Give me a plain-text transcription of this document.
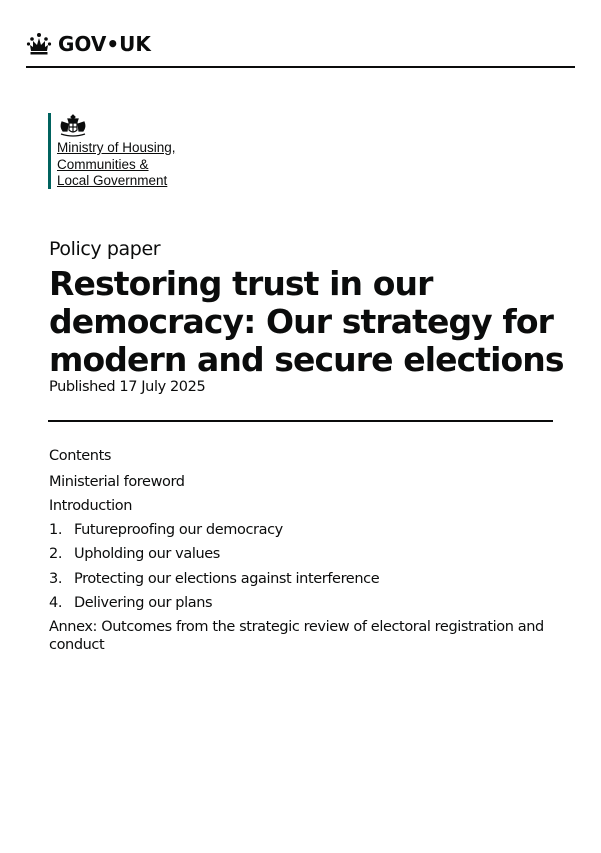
GOV•UK
Ministry of Housing,
Communities &
Local Government
Policy paper
Restoring trust in our democracy: Our strategy for modern and secure elections
Published 17 July 2025
Contents
Ministerial foreword
Introduction
1. Futureproofing our democracy
2. Upholding our values
3. Protecting our elections against interference
4. Delivering our plans
Annex: Outcomes from the strategic review of electoral registration and conduct
